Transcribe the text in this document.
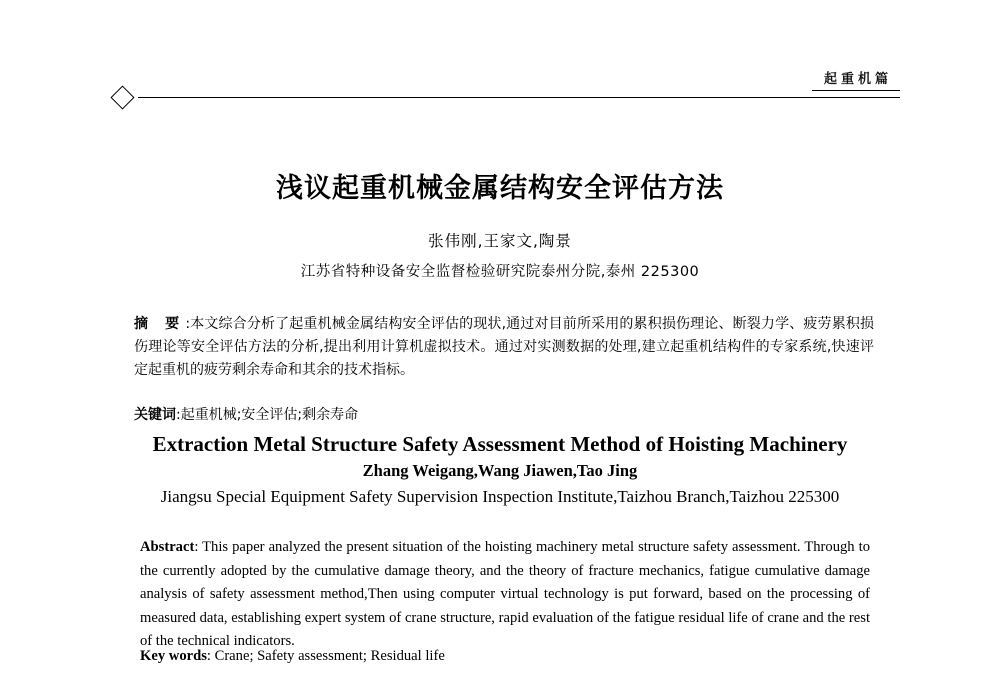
起重机篇
浅议起重机械金属结构安全评估方法
张伟刚,王家文,陶景
江苏省特种设备安全监督检验研究院泰州分院,泰州 225300
摘 要:本文综合分析了起重机械金属结构安全评估的现状,通过对目前所采用的累积损伤理论、断裂力学、疲劳累积损伤理论等安全评估方法的分析,提出利用计算机虚拟技术。通过对实测数据的处理,建立起重机结构件的专家系统,快速评定起重机的疲劳剩余寿命和其余的技术指标。
关键词:起重机械;安全评估;剩余寿命
Extraction Metal Structure Safety Assessment Method of Hoisting Machinery
Zhang Weigang,Wang Jiawen,Tao Jing
Jiangsu Special Equipment Safety Supervision Inspection Institute,Taizhou Branch,Taizhou 225300
Abstract: This paper analyzed the present situation of the hoisting machinery metal structure safety assessment. Through to the currently adopted by the cumulative damage theory, and the theory of fracture mechanics, fatigue cumulative damage analysis of safety assessment method,Then using computer virtual technology is put forward, based on the processing of measured data, establishing expert system of crane structure, rapid evaluation of the fatigue residual life of crane and the rest of the technical indicators.
Key words: Crane; Safety assessment; Residual life
